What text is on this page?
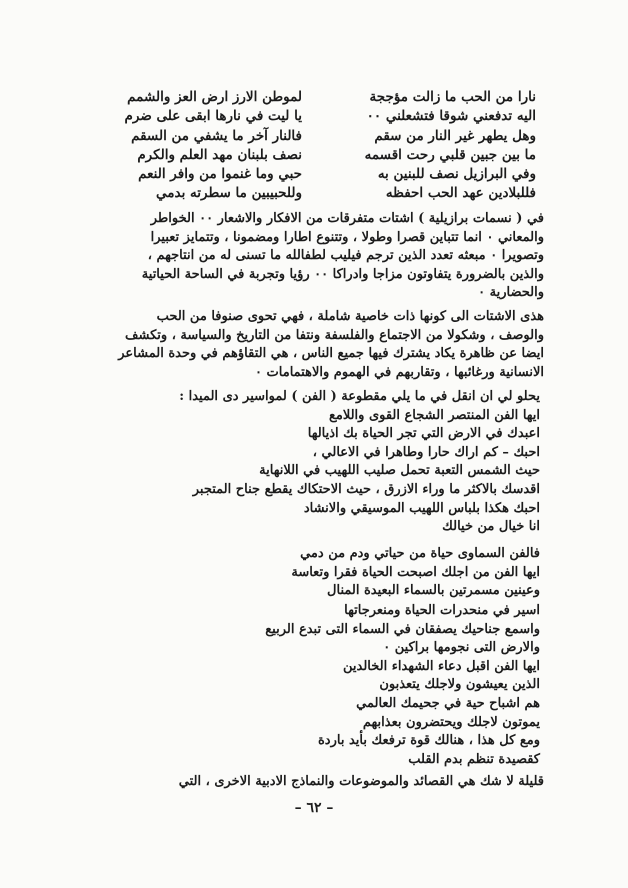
نارا من الحب ما زالت مؤججة
لموطن الارز ارض العز والشمم
اليه تدفعني شوقا فتشعلني ٠٠
يا ليت في نارها ابقى على ضرم
وهل يطهر غير النار من سقم
فالنار آخر ما يشفي من السقم
ما بين جبين قلبي رحت اقسمه
نصف بلبنان مهد العلم والكرم
وفي البرازيل نصف للبنين به
حبي وما غنموا من وافر النعم
فللبلادين عهد الحب احفظه
وللحبيبين ما سطرته بدمي
في ( نسمات برازيلية ) اشتات متفرقات من الافكار والاشعار ٠٠ الخواطر
والمعاني ٠ انما تتباين قصرا وطولا ، وتتنوع اطارا ومضمونا ، وتتمايز تعبيرا
وتصويرا ٠ مبعثه تعدد الذين ترجم فيليب لطفالله ما تسنى له من انتاجهم ،
والذين بالضرورة يتفاوتون مزاجا وادراكا ٠٠ رؤيا وتجربة في الساحة الحياتية
والحضارية ٠
هذى الاشتات الى كونها ذات خاصية شاملة ، فهي تحوى صنوفا من الحب
والوصف ، وشكولا من الاجتماع والفلسفة ونتفا من التاريخ والسياسة ، وتكشف
ايضا عن ظاهرة يكاد يشترك فيها جميع الناس ، هي التقاؤهم في وحدة المشاعر
الانسانية ورغائبها ، وتقاربهم في الهموم والاهتمامات ٠
يحلو لي ان انقل في ما يلي مقطوعة ( الفن ) لمواسير دى الميدا :
ايها الفن المنتصر الشجاع القوى واللامع
اعبدك في الارض التي تجر الحياة بك اذيالها
احبك – كم اراك حارا وطاهرا في الاعالي ،
حيث الشمس التعبة تحمل صليب اللهيب في اللانهاية
اقدسك بالاكثر ما وراء الازرق ، حيث الاحتكاك يقطع جناح المتجبر
احبك هكذا بلباس اللهيب الموسيقي والانشاد
انا خيال من خيالك
فالفن السماوى حياة من حياتي ودم من دمي
ايها الفن من اجلك اصبحت الحياة فقرا وتعاسة
وعينين مسمرتين بالسماء البعيدة المنال
اسير في منحدرات الحياة ومنعرجاتها
واسمع جناحيك يصفقان في السماء التى تبدع الربيع
والارض التى نجومها براكين ٠
ايها الفن اقبل دعاء الشهداء الخالدين
الذين يعيشون ولاجلك يتعذبون
هم اشباح حية في جحيمك العالمي
يموتون لاجلك ويحتضرون بعذابهم
ومع كل هذا ، هنالك قوة ترفعك بأيد باردة
كقصيدة تنظم بدم القلب
قليلة لا شك هي القصائد والموضوعات والنماذج الادبية الاخرى ، التي
– ٦٢ –
